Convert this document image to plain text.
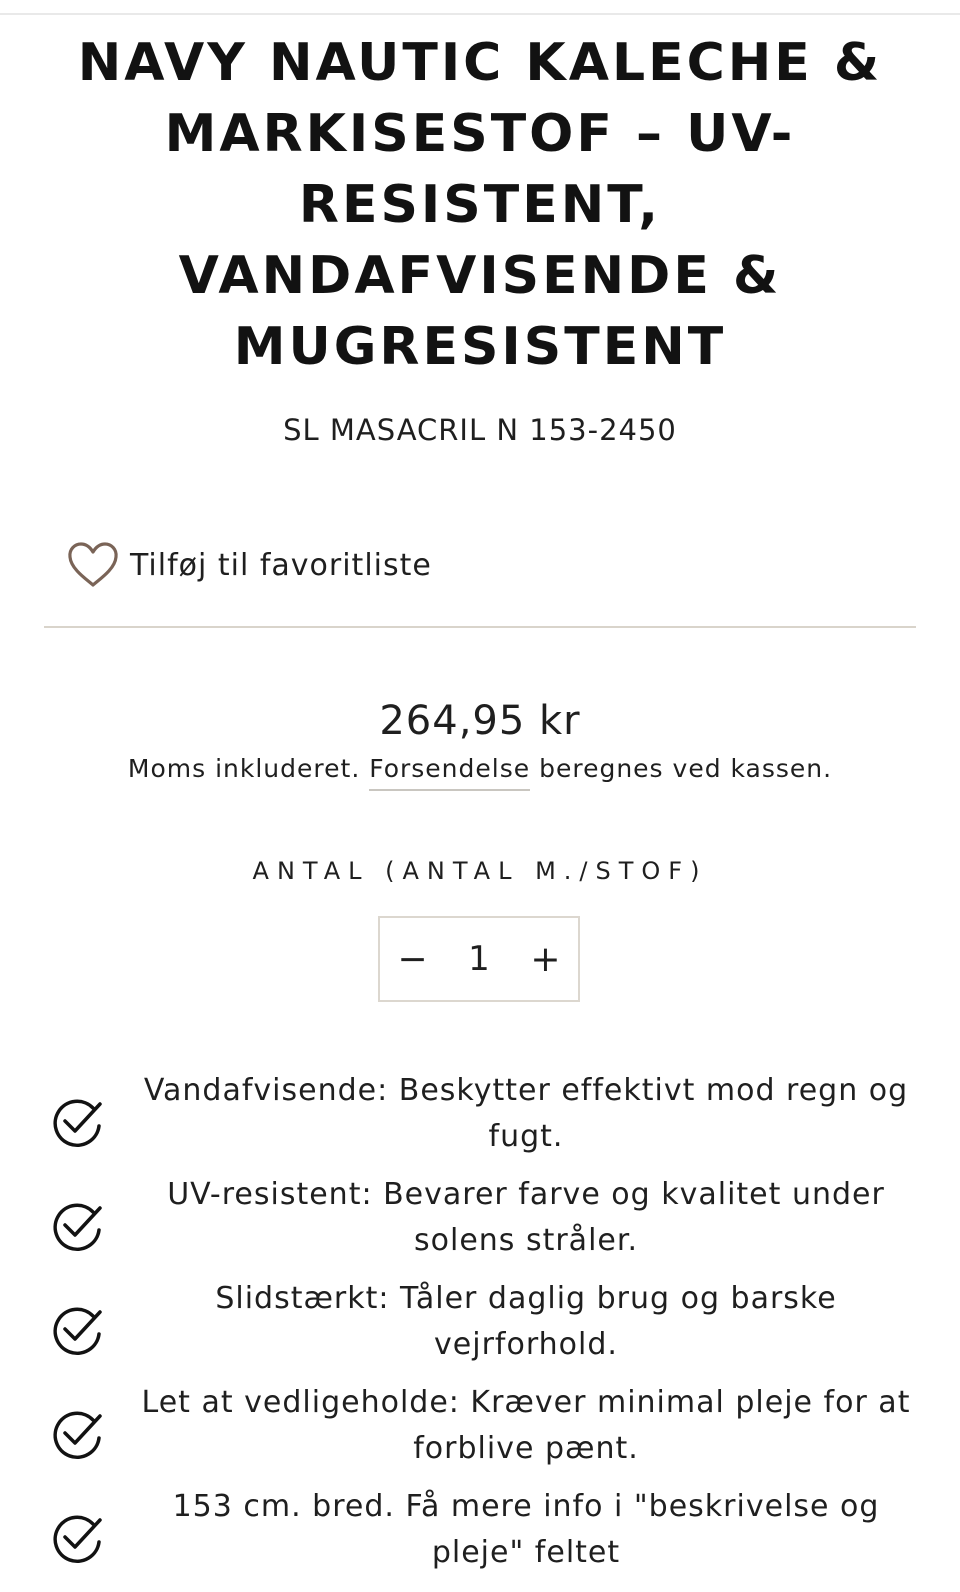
NAVY NAUTIC KALECHE & MARKISESTOF – UV-RESISTENT, VANDAFVISENDE & MUGRESISTENT
SL MASACRIL N 153-2450
Tilføj til favoritliste
264,95 kr
Moms inkluderet. Forsendelse beregnes ved kassen.
ANTAL (ANTAL M./STOF)
−
1	+
Vandafvisende: Beskytter effektivt mod regn og fugt.
UV-resistent: Bevarer farve og kvalitet under solens stråler.
Slidstærkt: Tåler daglig brug og barske vejrforhold.
Let at vedligeholde: Kræver minimal pleje for at forblive pænt.
153 cm. bred. Få mere info i "beskrivelse og pleje" feltet
